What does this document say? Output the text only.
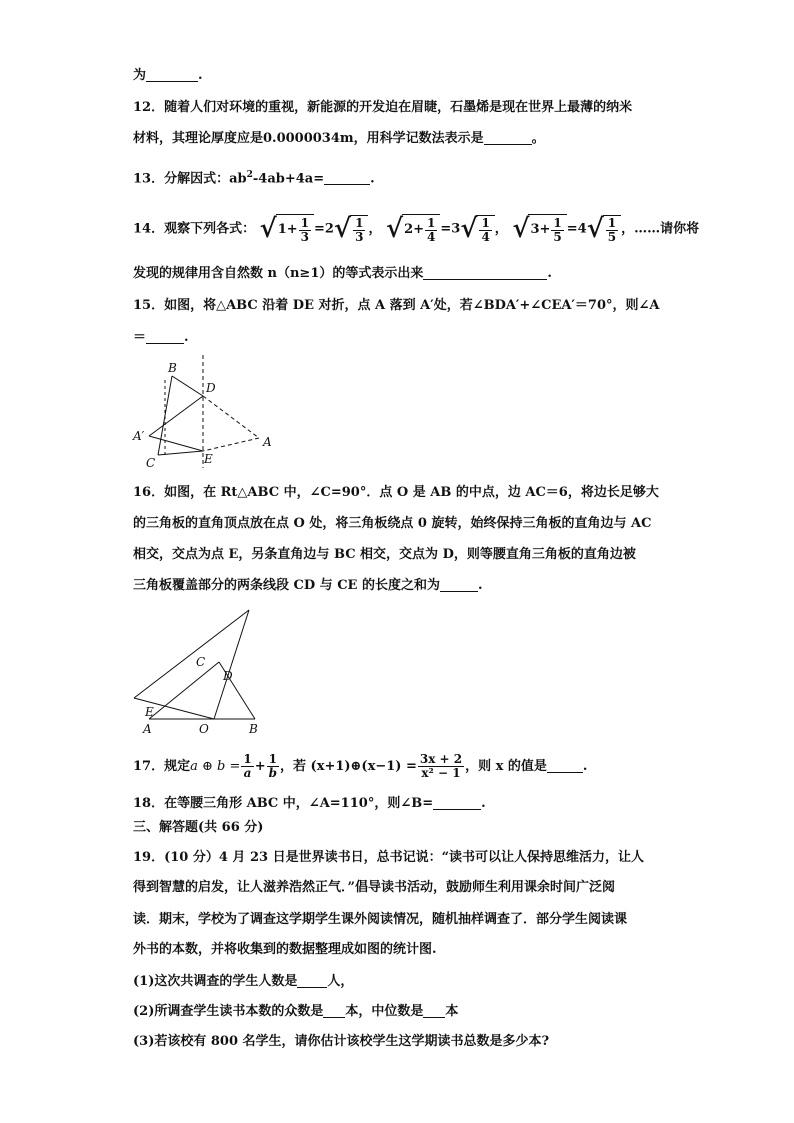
为	.
12．随着人们对环境的重视，新能源的开发迫在眉睫，石墨烯是现在世界上最薄的纳米
材料，其理论厚度应是0.0000034m，用科学记数法表示是	。
13．分解因式：$ab^2-4ab+4a=$	.
14．观察下列各式： √ $1+ \frac{1}{3} =2$ √ $\frac{1}{3}$ ， √ $2+ \frac{1}{4} =3$ √ $\frac{1}{4}$ ， √ $3+ \frac{1}{5} =4$ √ $\frac{1}{5}$ ，……请你将
发现的规律用含自然数 n（n≥1）的等式表示出来	.
15．如图，将△ABC 沿着 DE 对折，点 A 落到 A′处，若∠BDA′+∠CEA′＝70°，则∠A
＝	.
B
D
A′	A
C	E
16．如图，在 Rt△ABC 中，∠C=90°．点 O 是 AB 的中点，边 AC＝6，将边长足够大
的三角板的直角顶点放在点 O 处，将三角板绕点 0 旋转，始终保持三角板的直角边与 AC
相交，交点为点 E，另条直角边与 BC 相交，交点为 D，则等腰直角三角板的直角边被
三角板覆盖部分的两条线段 CD 与 CE 的长度之和为	.
C
D
E
A	O	B
17．规定a ⊕ $b = \frac{1}{a} + \frac{1}{b}$ ，若 (x+1)⊕(x−1) = $\frac{3x + 2}{\text{x² − 1}}$ ，则 x 的值是	.
18．在等腰三角形 ABC 中，∠A=110°，则∠B=	.
三、解答题(共 66 分)
19．(10 分）4 月 23 日是世界读书日，总书记说：“读书可以让人保持思维活力，让人
得到智慧的启发，让人滋养浩然正气．”倡导读书活动，鼓励师生利用课余时间广泛阅
读．期末，学校为了调查这学期学生课外阅读情况，随机抽样调查了．部分学生阅读课
外书的本数，并将收集到的数据整理成如图的统计图.
(1)这次共调查的学生人数是 人，
(2)所调查学生读书本数的众数是 本，中位数是 本
(3)若该校有 800 名学生，请你估计该校学生这学期读书总数是多少本?
